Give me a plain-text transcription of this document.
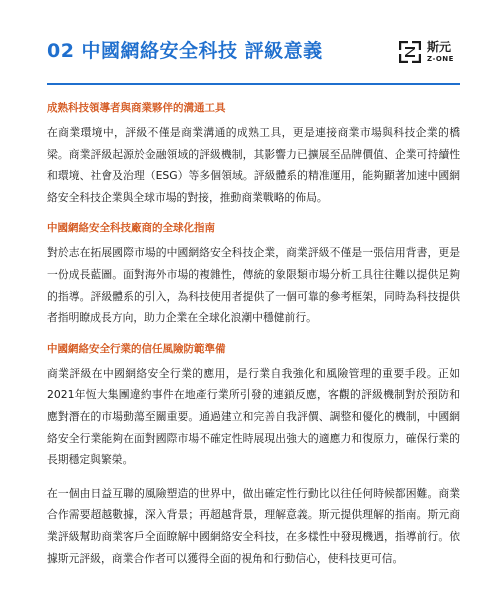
02 中國網絡安全科技 評級意義	斯元
Z-ONE
成熟科技領導者與商業夥伴的溝通工具

在商業環境中，評級不僅是商業溝通的成熟工具，更是連接商業市場與科技企業的橋梁。商業評級起源於金融領域的評級機制，其影響力已擴展至品牌價值、企業可持續性和環境、社會及治理（ESG）等多個領域。評級體系的精准運用，能夠顯著加速中國網絡安全科技企業與全球市場的對接，推動商業戰略的佈局。

中國網絡安全科技廠商的全球化指南

對於志在拓展國際市場的中國網絡安全科技企業，商業評級不僅是一張信用背書，更是一份成長藍圖。面對海外市場的複雜性，傳統的象限類市場分析工具往往難以提供足夠的指導。評級體系的引入，為科技使用者提供了一個可靠的參考框架，同時為科技提供者指明瞭成長方向，助力企業在全球化浪潮中穩健前行。

中國網絡安全行業的信任風險防範準備

商業評級在中國網絡安全行業的應用，是行業自我強化和風險管理的重要手段。正如2021年恆大集團違約事件在地產行業所引發的連鎖反應，客觀的評級機制對於預防和應對潛在的市場動蕩至關重要。通過建立和完善自我評價、調整和優化的機制，中國網絡安全行業能夠在面對國際市場不確定性時展現出強大的適應力和復原力，確保行業的長期穩定與繁榮。

在一個由日益互聯的風險塑造的世界中，做出確定性行動比以往任何時候都困難。商業合作需要超越數據，深入背景；再超越背景，理解意義。斯元提供理解的指南。斯元商業評級幫助商業客戶全面瞭解中國網絡安全科技，在多樣性中發現機遇，指導前行。依據斯元評級，商業合作者可以獲得全面的視角和行動信心，使科技更可信。
